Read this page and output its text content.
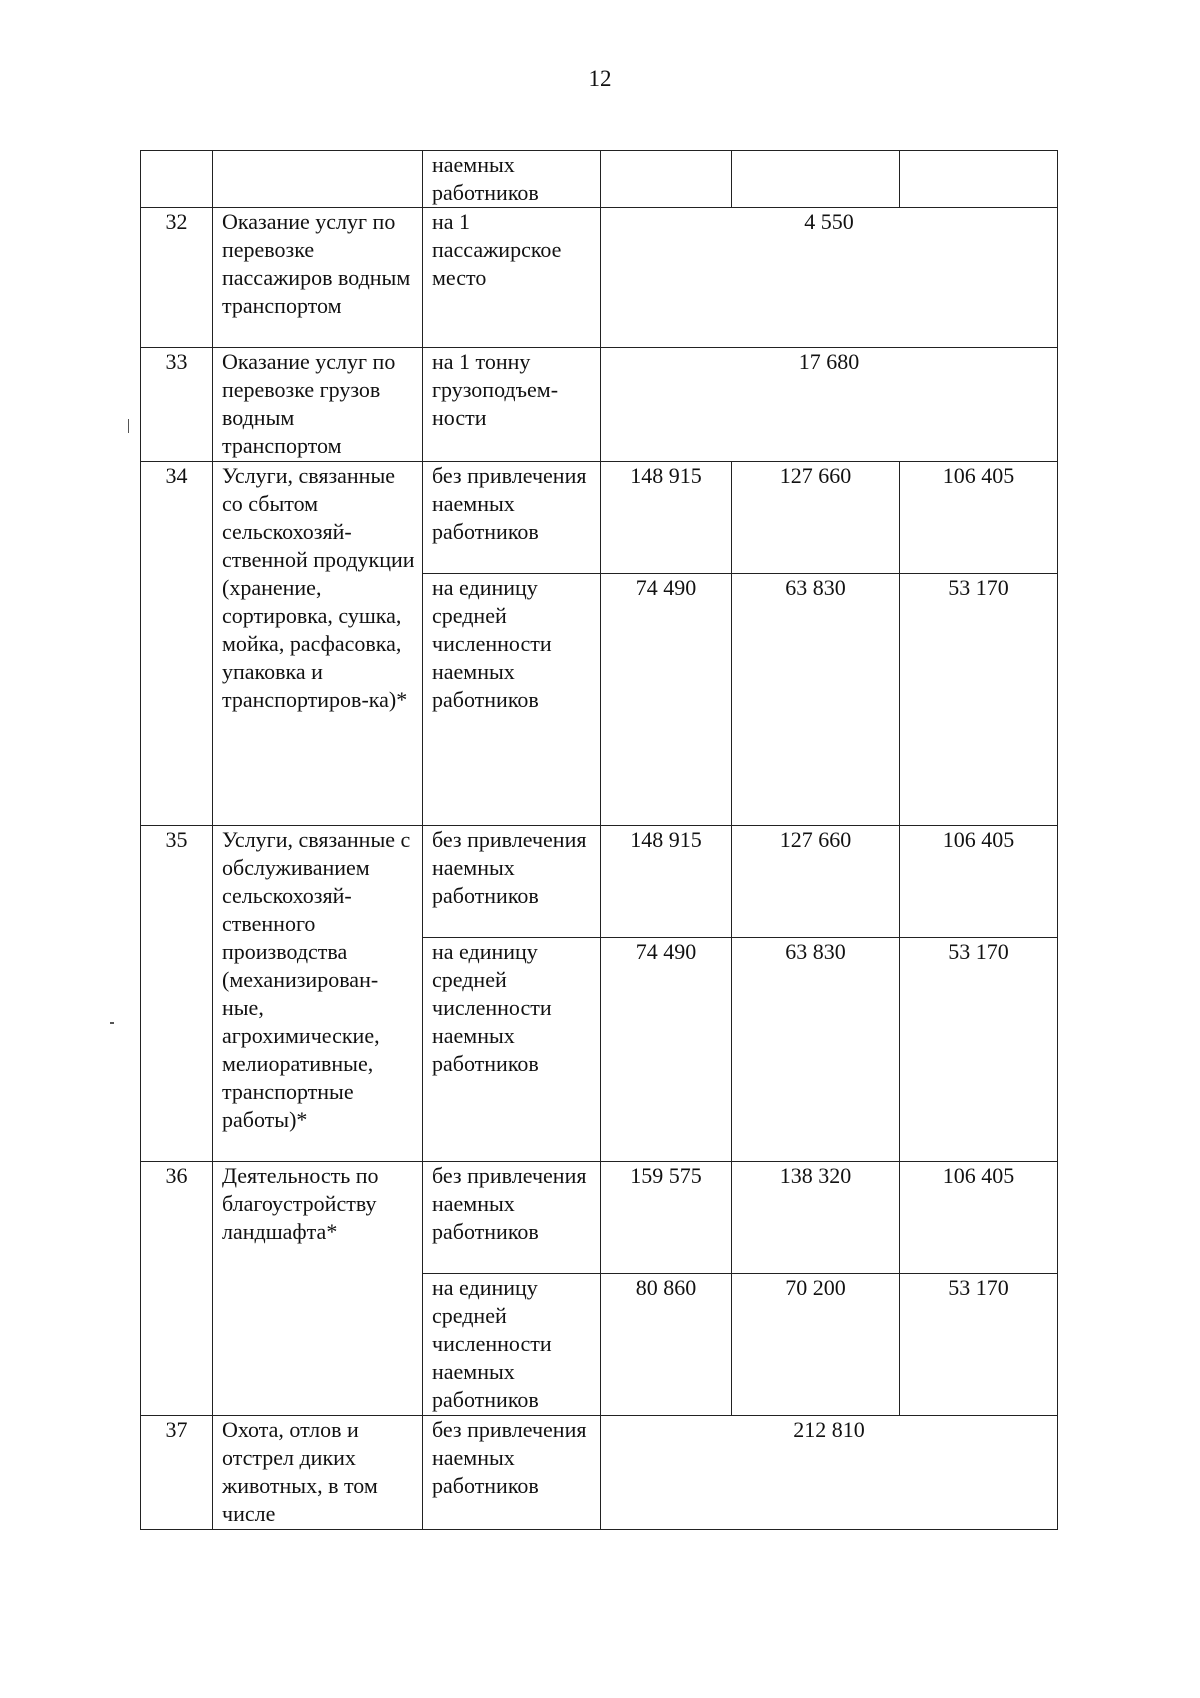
12
		наемных работников			
32	Оказание услуг по перевозке пассажиров водным транспортом	на 1 пассажирское место	4 550		
33	Оказание услуг по перевозке грузов водным транспортом	на 1 тонну грузоподъем-ности	17 680		
34	Услуги, связанные со сбытом сельскохозяй-ственной продукции (хранение, сортировка, сушка, мойка, расфасовка, упаковка и транспортиров-ка)*	без привлечения наемных работников	148 915	127 660	106 405
		на единицу средней численности наемных работников	74 490	63 830	53 170
35	Услуги, связанные с обслуживанием сельскохозяй-ственного производства (механизирован-ные, агрохимические, мелиоративные, транспортные работы)*	без привлечения наемных работников	148 915	127 660	106 405
		на единицу средней численности наемных работников	74 490	63 830	53 170
36	Деятельность по благоустройству ландшафта*	без привлечения наемных работников	159 575	138 320	106 405
		на единицу средней численности наемных работников	80 860	70 200	53 170
37	Охота, отлов и отстрел диких животных, в том числе	без привлечения наемных работников	212 810		
